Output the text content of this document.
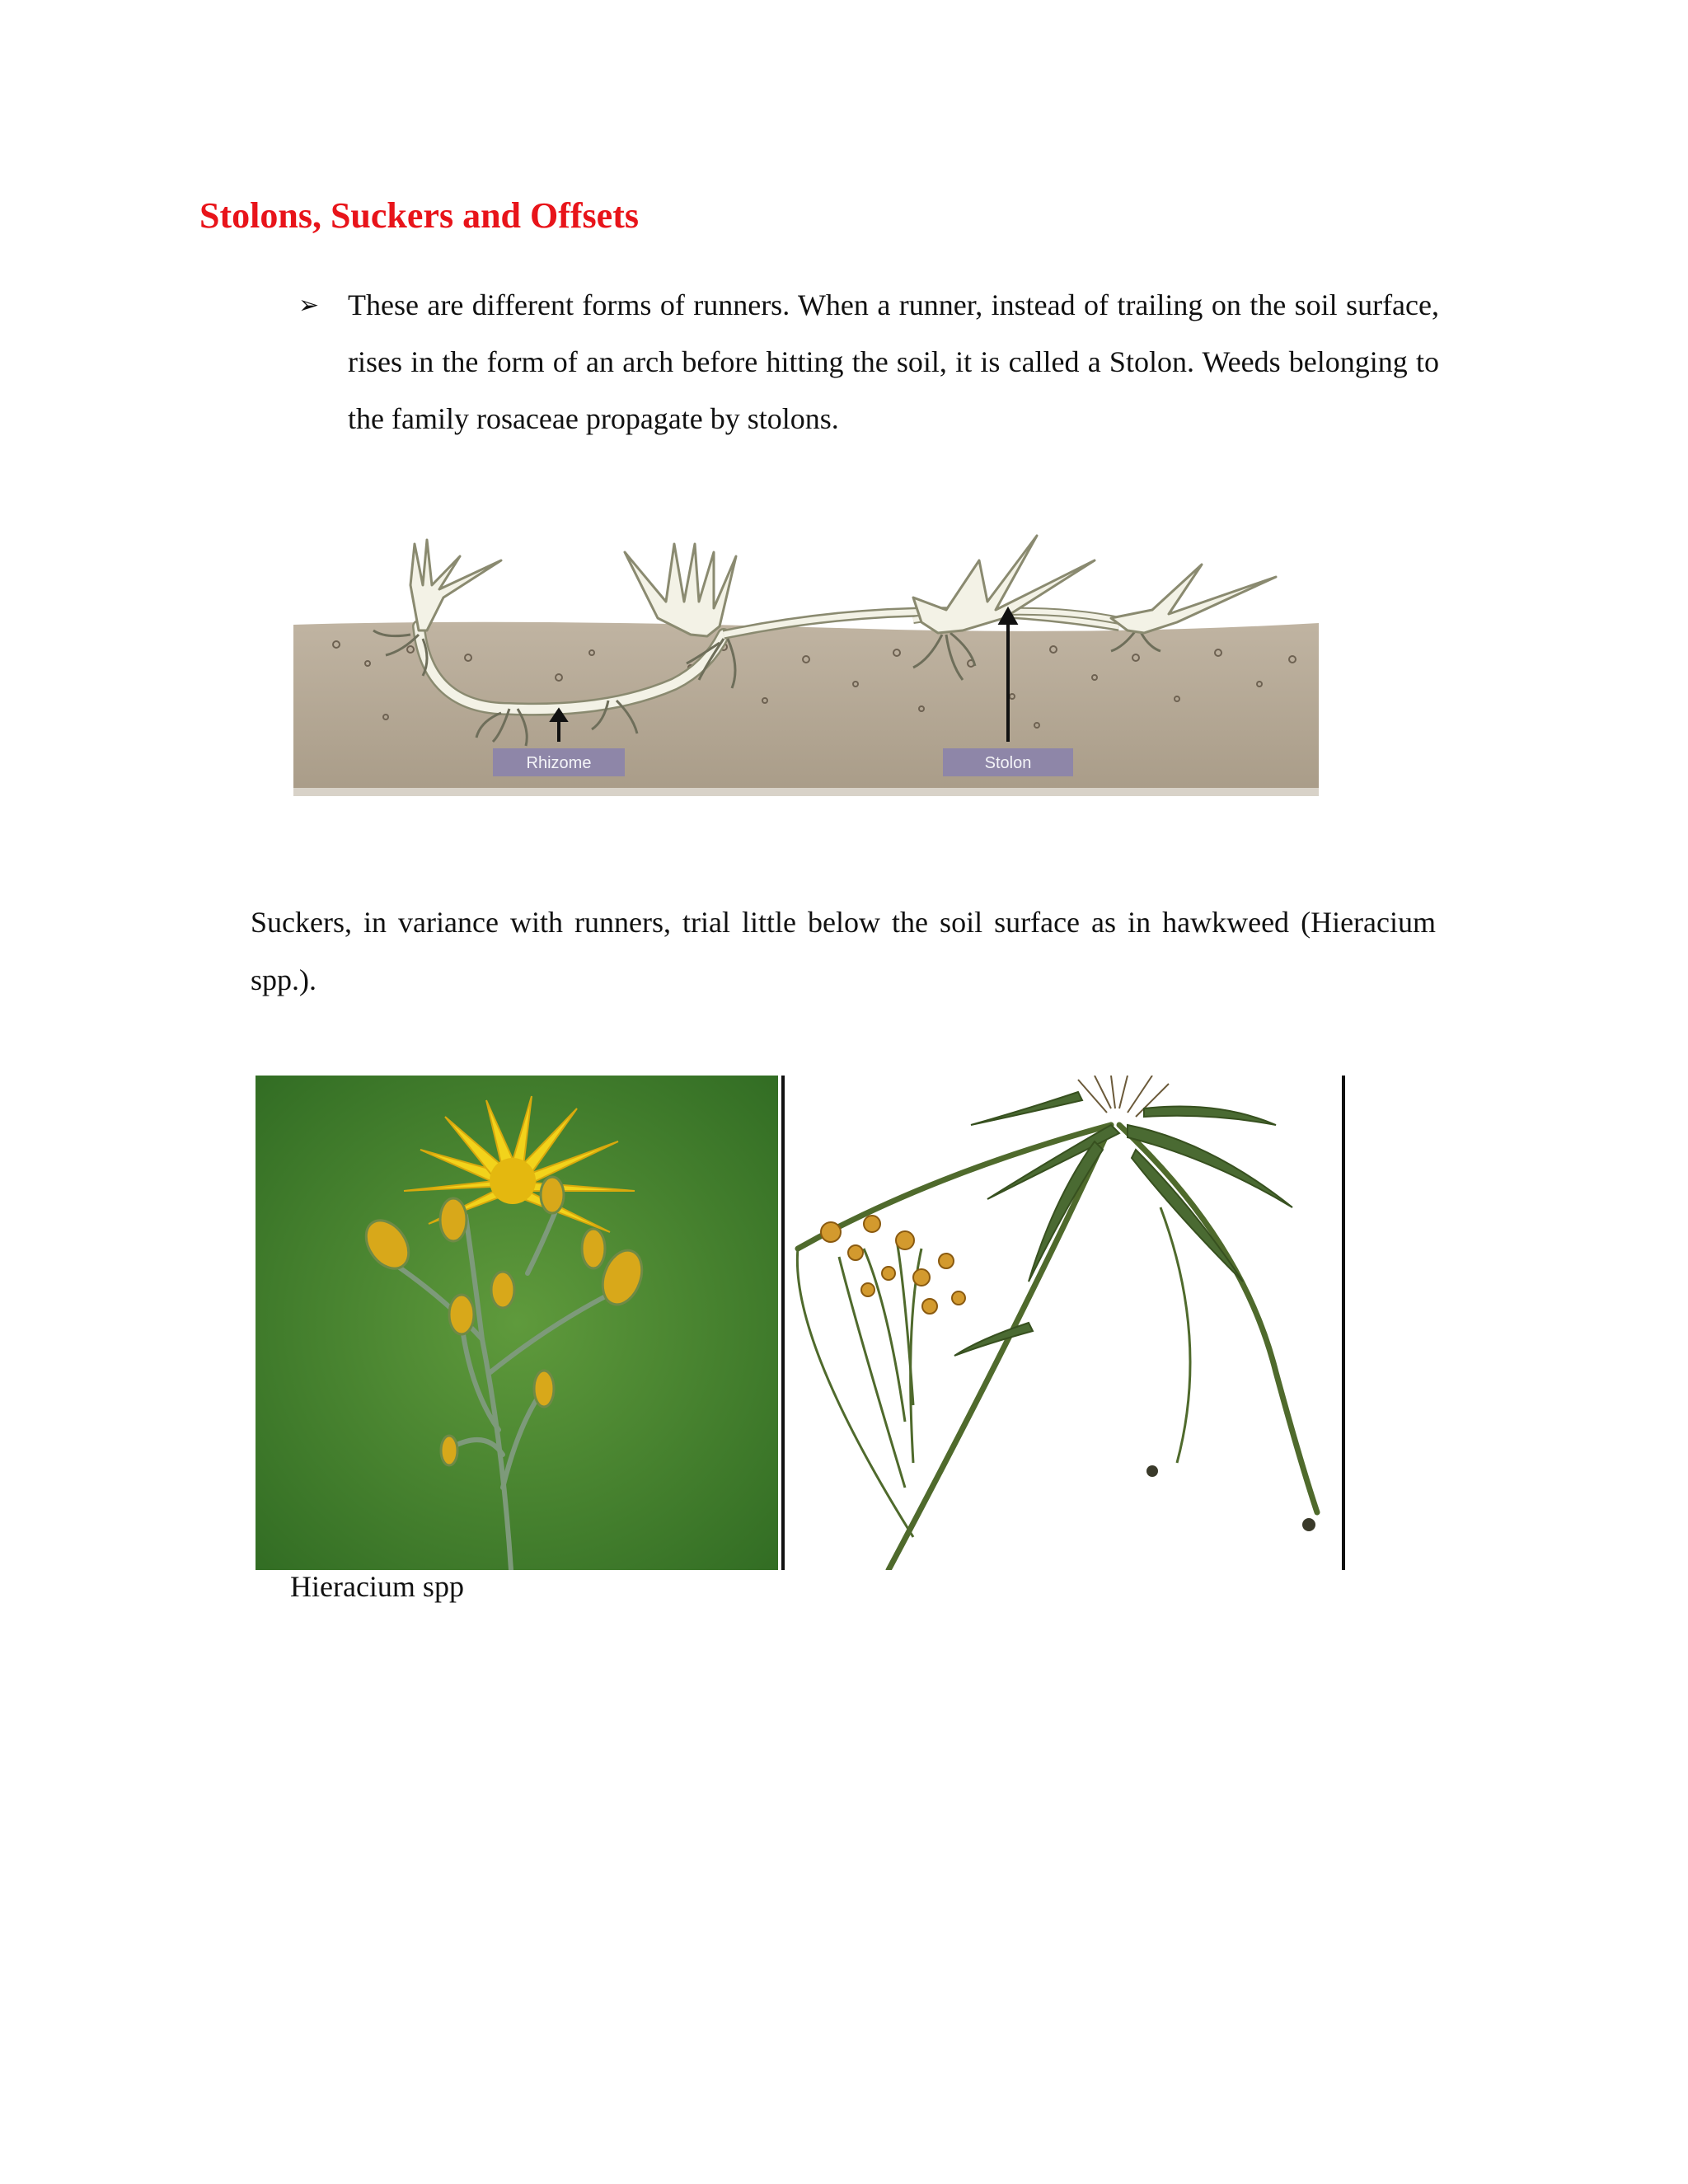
Stolons, Suckers and Offsets
➢ These are different forms of runners. When a runner, instead of trailing on the soil surface, rises in the form of an arch before hitting the soil, it is called a Stolon. Weeds belonging to the family rosaceae propagate by stolons.
Rhizome	Stolon
Suckers, in variance with runners, trial little below the soil surface as in hawkweed (Hieracium spp.).
Hieracium spp
